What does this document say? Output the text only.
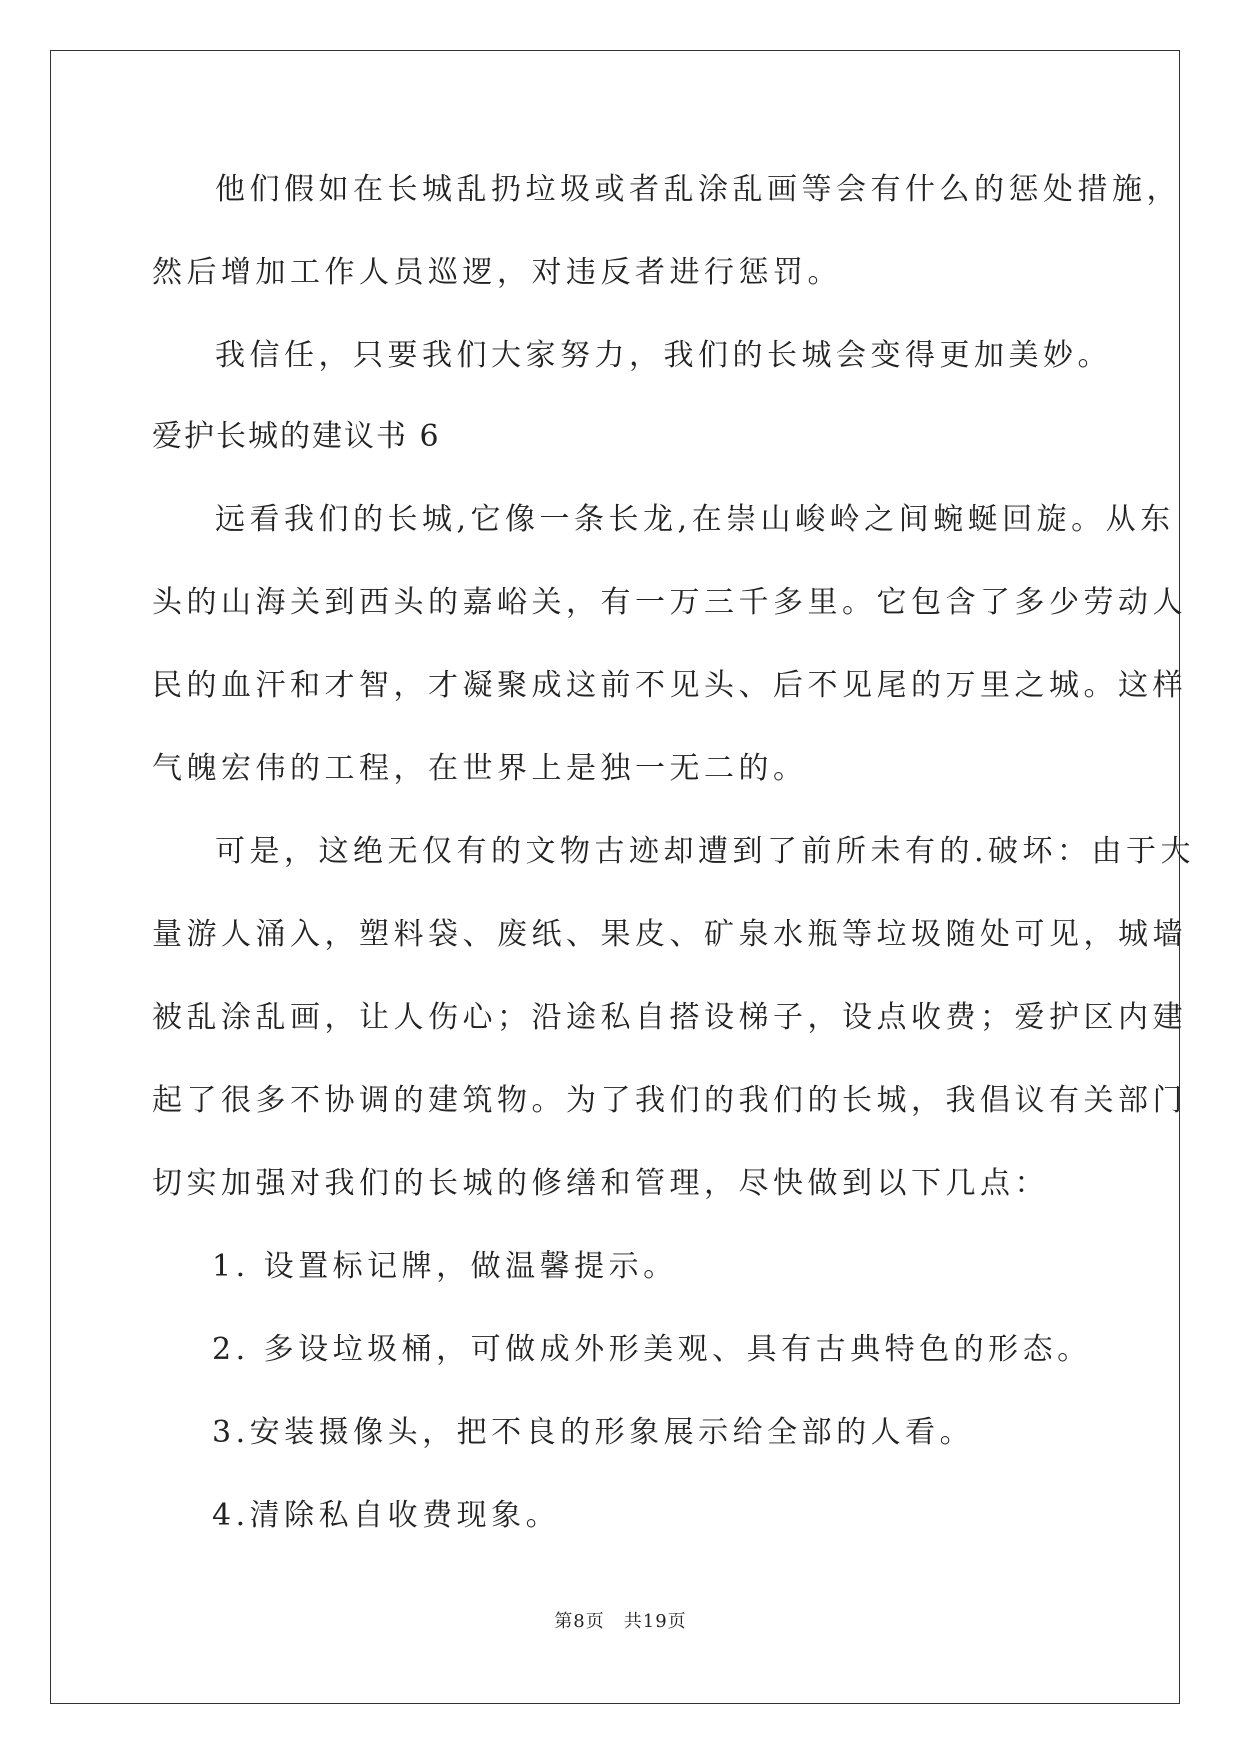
他们假如在长城乱扔垃圾或者乱涂乱画等会有什么的惩处措施，
然后增加工作人员巡逻，对违反者进行惩罚。
我信任，只要我们大家努力，我们的长城会变得更加美妙。
爱护长城的建议书 6
远看我们的长城,它像一条长龙,在崇山峻岭之间蜿蜒回旋。从东
头的山海关到西头的嘉峪关，有一万三千多里。它包含了多少劳动人
民的血汗和才智，才凝聚成这前不见头、后不见尾的万里之城。这样
气魄宏伟的工程，在世界上是独一无二的。
可是，这绝无仅有的文物古迹却遭到了前所未有的.破坏：由于大
量游人涌入，塑料袋、废纸、果皮、矿泉水瓶等垃圾随处可见，城墙
被乱涂乱画，让人伤心；沿途私自搭设梯子，设点收费；爱护区内建
起了很多不协调的建筑物。为了我们的我们的长城，我倡议有关部门
切实加强对我们的长城的修缮和管理，尽快做到以下几点：
1. 设置标记牌，做温馨提示。
2. 多设垃圾桶，可做成外形美观、具有古典特色的形态。
3.安装摄像头，把不良的形象展示给全部的人看。
4.清除私自收费现象。
第8页　共19页
